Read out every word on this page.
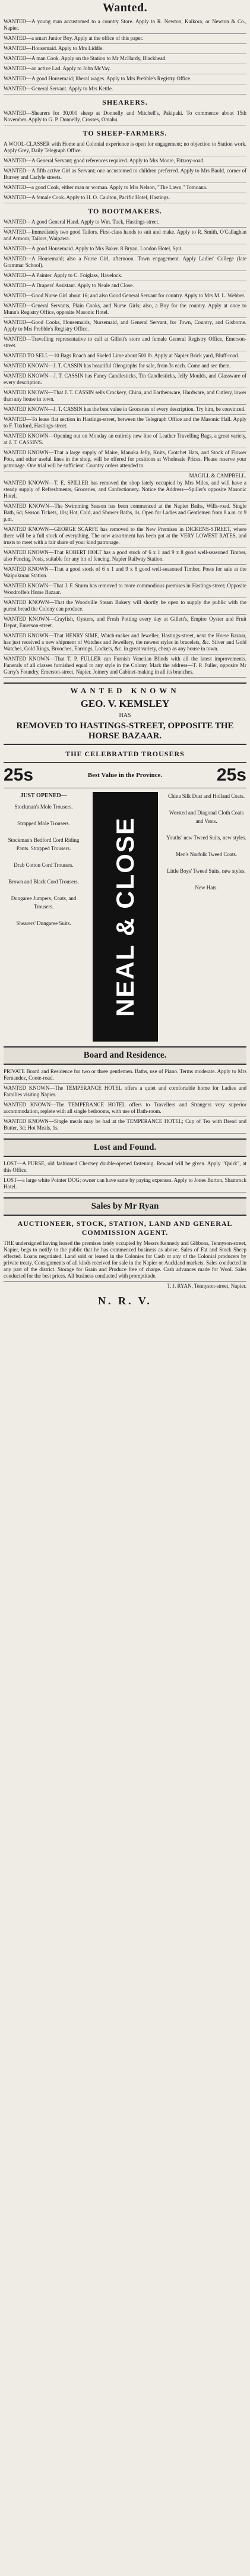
Wanted.

WANTED—A young man accustomed to a country Store. Apply to R. Newton, Kaikora, or Newton & Co., Napier.

WANTED—a smart Junior Boy. Apply at the office of this paper.

WANTED—Housemaid. Apply to Mrs Liddle.

WANTED—A man Cook. Apply on the Station to Mr McHardy, Blackhead.

WANTED—an active Lad. Apply to John McVay.

WANTED—A good Housemaid; liberal wages. Apply to Mrs Prebble's Registry Office.

WANTED—General Servant. Apply to Mrs Kettle.

SHEARERS.

WANTED—Shearers for 30,000 sheep at Donnelly and Mitchell's, Pakipaki. To commence about 15th November. Apply to G. P. Donnelly, Crosses, Omahu.

TO SHEEP-FARMERS.

A WOOL-CLASSER with Home and Colonial experience is open for engagement; no objection to Station work. Apply Grey, Daily Telegraph Office.

WANTED—A General Servant; good references required. Apply to Mrs Moore, Fitzroy-road.

WANTED—A fifth active Girl as Servant; one accustomed to children preferred. Apply to Mrs Bauld, corner of Burvey and Carlyle streets.

WANTED—a good Cook, either man or woman. Apply to Mrs Nelson, "The Lawn," Tomoana.

WANTED—A female Cook. Apply to H. O. Caulton, Pacific Hotel, Hastings.

TO BOOTMAKERS.

WANTED—A good General Hand. Apply to Wm. Tuck, Hastings-street.

WANTED—Immediately two good Tailors. First-class hands to suit and make. Apply to R. Smith, O'Callaghan and Armour, Tailors, Waipawa.

WANTED—A good Housemaid. Apply to Mrs Baker. 8 Bryan, London Hotel, Spit.

WANTED—A Housemaid; also a Nurse Girl, afternoon. Town engagement. Apply Ladies' College (late Grammar School).

WANTED—A Painter. Apply to C. Foiglass, Havelock.

WANTED—A Drapers' Assistant. Apply to Neale and Close.

WANTED—Good Nurse Girl about 16; and also Good General Servant for country. Apply to Mrs M. L. Webber.

WANTED—General Servants, Plain Cooks, and Nurse Girls; also, a Boy for the country. Apply at once to Munn's Registry Office, opposite Masonic Hotel.

WANTED—Good Cooks, Housemaids, Nursemaid, and General Servant, for Town, Country, and Gisborne. Apply to Mrs Prebble's Registry Office.

WANTED—Travelling representative to call at Gillett's store and female General Registry Office, Emerson-street.

WANTED TO SELL—10 Bags Roach and Skeled Lime about 500 lb. Apply at Napier Brick yard, Bluff-road.

WANTED KNOWN—J. T. CASSIN has beautiful Oleographs for sale, from 3s each. Come and see them.

WANTED KNOWN—J. T. CASSIN has Fancy Candlesticks, Tin Candlesticks, Jelly Moulds, and Glassware of every description.

WANTED KNOWN—That J. T. CASSIN sells Crockery, China, and Earthenware, Hardware, and Cutlery, lower than any house in town.

WANTED KNOWN—J. T. CASSIN has the best value in Groceries of every description. Try him, be convinced.

WANTED—To lease flat section in Hastings-street, between the Telegraph Office and the Masonic Hall. Apply to F. Tuxford, Hastings-street.

WANTED KNOWN—Opening out on Monday an entirely new line of Leather Travelling Bags, a great variety, at J. T. CASSIN'S.

WANTED KNOWN—That a large supply of Maire, Manuka Jelly, Knits, Crotchet Hats, and Stock of Flower Pots, and other useful lines in the shop, will be offered for positions at Wholesale Prices. Please reserve your patronage. One trial will be sufficient. Country orders attended to.

MAGILL & CAMPBELL.

WANTED KNOWN—T. E. SPILLER has removed the shop lately occupied by Mrs Miles, and will have a steady supply of Refreshments, Groceries, and Confectionery. Notice the Address—Spiller's opposite Masonic Hotel.

WANTED KNOWN—The Swimming Season has been commenced at the Napier Baths, Wills-road. Single Bath, 6d; Season Tickets, 10s; Hot, Cold, and Shower Baths, 1s. Open for Ladies and Gentlemen from 8 a.m. to 9 p.m.

WANTED KNOWN—GEORGE SCARFE has removed to the New Premises in DICKENS-STREET, where there will be a full stock of everything. The new assortment has been got at the VERY LOWEST RATES, and trusts to meet with a fair share of your kind patronage.

WANTED KNOWN—That ROBERT HOLT has a good stock of 6 x 1 and 9 x 8 good well-seasoned Timber, also Fencing Posts, suitable for any bit of fencing. Napier Railway Station.

WANTED KNOWN—That a good stock of 6 x 1 and 9 x 8 good well-seasoned Timber, Posts for sale at the Waipukurau Station.

WANTED KNOWN—That J. F. Sturm has removed to more commodious premises in Hastings-street; Opposite Woodroffe's Horse Bazaar.

WANTED KNOWN—That the Woodville Steam Bakery will shortly be open to supply the public with the purest bread the Colony can produce.

WANTED KNOWN—Crayfish, Oysters, and Fresh Potting every day at Gillett's, Empire Oyster and Fruit Depot, Emerson-street.

WANTED KNOWN—That HENRY SIME, Watch-maker and Jeweller, Hastings-street, next the Horse Bazaar, has just received a new shipment of Watches and Jewellery, the newest styles in bracelets, &c. Silver and Gold Watches, Gold Rings, Brooches, Earrings, Lockets, &c. in great variety, cheap as any house in town.

WANTED KNOWN—That T. P. FULLER can Furnish Venetian Blinds with all the latest improvements. Funerals of all classes furnished equal to any style in the Colony. Mark the address—T. P. Fuller, opposite Mr Garry's Foundry, Emerson-street, Napier. Joinery and Cabinet-making in all its branches.

WANTED KNOWN
GEO. V. KEMSLEY
HAS
REMOVED TO HASTINGS-STREET, OPPOSITE THE HORSE BAZAAR.
THE CELEBRATED TROUSERS
25s	Best Value in the Province.	25s
JUST OPENED—
Stockman's Mole Trousers.

Strapped Mole Trousers.

Stockman's Bedford Cord Riding Pants. Strapped Trousers.

Drab Cotton Cord Trousers.

Brown and Black Cord Trousers.

Dungaree Jumpers, Coats, and Trousers.

Shearers' Dungaree Suits.	NEAL & CLOSE
China Silk Dust and Holland Coats.

Worsted and Diagonal Cloth Coats and Vests.

Youths' new Tweed Suits, new styles.

Men's Norfolk Tweed Coats.

Little Boys' Tweed Suits, new styles.

New Hats.
Board and Residence.

PRIVATE Board and Residence for two or three gentlemen. Baths, use of Piano. Terms moderate. Apply to Mrs Fernandez, Coote-road.

WANTED KNOWN—The TEMPERANCE HOTEL offers a quiet and comfortable home for Ladies and Families visiting Napier.

WANTED KNOWN—The TEMPERANCE HOTEL offers to Travellers and Strangers very superior accommodation, replete with all single bedrooms, with use of Bath-room.

WANTED KNOWN—Single meals may be had at the TEMPERANCE HOTEL; Cup of Tea with Bread and Butter, 3d; Hot Meals, 1s.

Lost and Found.

LOST—A PURSE, old fashioned Chertsey double-opened fastening. Reward will be given. Apply "Quirk", at this Office.

LOST—a large white Pointer DOG; owner can have same by paying expenses. Apply to Jones Burton, Shamrock Hotel.

Sales by Mr Ryan
AUCTIONEER, STOCK, STATION, LAND AND GENERAL COMMISSION AGENT.

THE undersigned having leased the premises lately occupied by Messrs Kennedy and Gibbons, Tennyson-street, Napier, begs to notify to the public that he has commenced business as above. Sales of Fat and Stock Sheep effected. Loans negotiated. Land sold or leased in the Colonies for Cash or any of the Colonial producers by private treaty. Consignments of all kinds received for sale in the Napier or Auckland markets. Sales conducted in any part of the district. Storage for Grain and Produce free of charge. Cash advances made for Wool. Sales conducted for the best prices. All business conducted with promptitude.

T. J. RYAN, Tennyson-street, Napier.
N. R. V.
